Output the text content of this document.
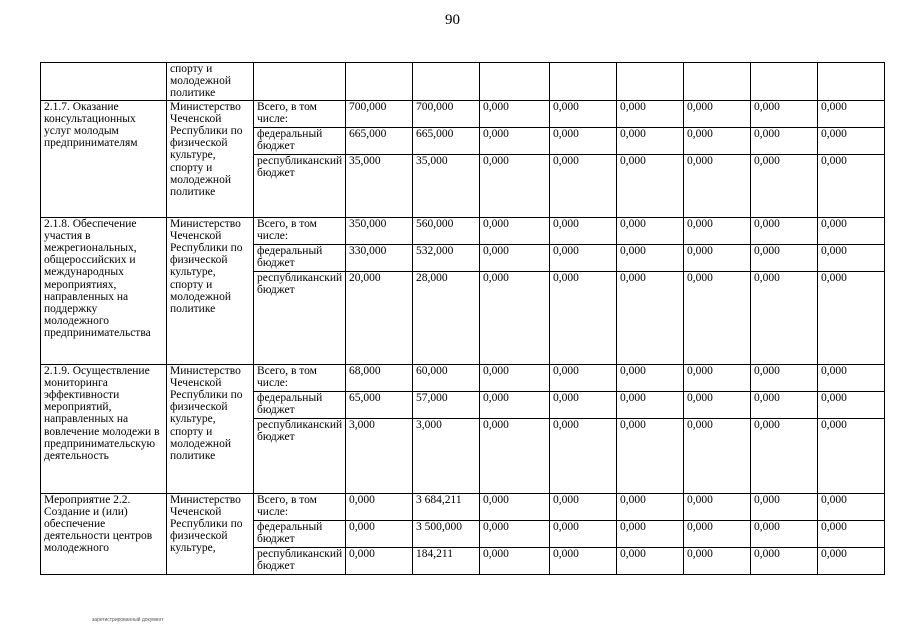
90
	спорту и молодежной политике									
2.1.7. Оказание консультационных услуг молодым предпринимателям	Министерство Чеченской Республики по физической культуре, спорту и молодежной политике	Всего, в том числе:	700,000	700,000	0,000	0,000	0,000	0,000	0,000	0,000
		федеральный бюджет	665,000	665,000	0,000	0,000	0,000	0,000	0,000	0,000
		республиканский бюджет	35,000	35,000	0,000	0,000	0,000	0,000	0,000	0,000
2.1.8. Обеспечение участия в межрегиональных, общероссийских и международных мероприятиях, направленных на поддержку молодежного предпринимательства	Министерство Чеченской Республики по физической культуре, спорту и молодежной политике	Всего, в том числе:	350,000	560,000	0,000	0,000	0,000	0,000	0,000	0,000
		федеральный бюджет	330,000	532,000	0,000	0,000	0,000	0,000	0,000	0,000
		республиканский бюджет	20,000	28,000	0,000	0,000	0,000	0,000	0,000	0,000
2.1.9. Осуществление мониторинга эффективности мероприятий, направленных на вовлечение молодежи в предпринимательскую деятельность	Министерство Чеченской Республики по физической культуре, спорту и молодежной политике	Всего, в том числе:	68,000	60,000	0,000	0,000	0,000	0,000	0,000	0,000
		федеральный бюджет	65,000	57,000	0,000	0,000	0,000	0,000	0,000	0,000
		республиканский бюджет	3,000	3,000	0,000	0,000	0,000	0,000	0,000	0,000
Мероприятие 2.2. Создание и (или) обеспечение деятельности центров молодежного	Министерство Чеченской Республики по физической культуре,	Всего, в том числе:	0,000	3 684,211	0,000	0,000	0,000	0,000	0,000	0,000
		федеральный бюджет	0,000	3 500,000	0,000	0,000	0,000	0,000	0,000	0,000
		республиканский бюджет	0,000	184,211	0,000	0,000	0,000	0,000	0,000	0,000
зарегистрированный документ
